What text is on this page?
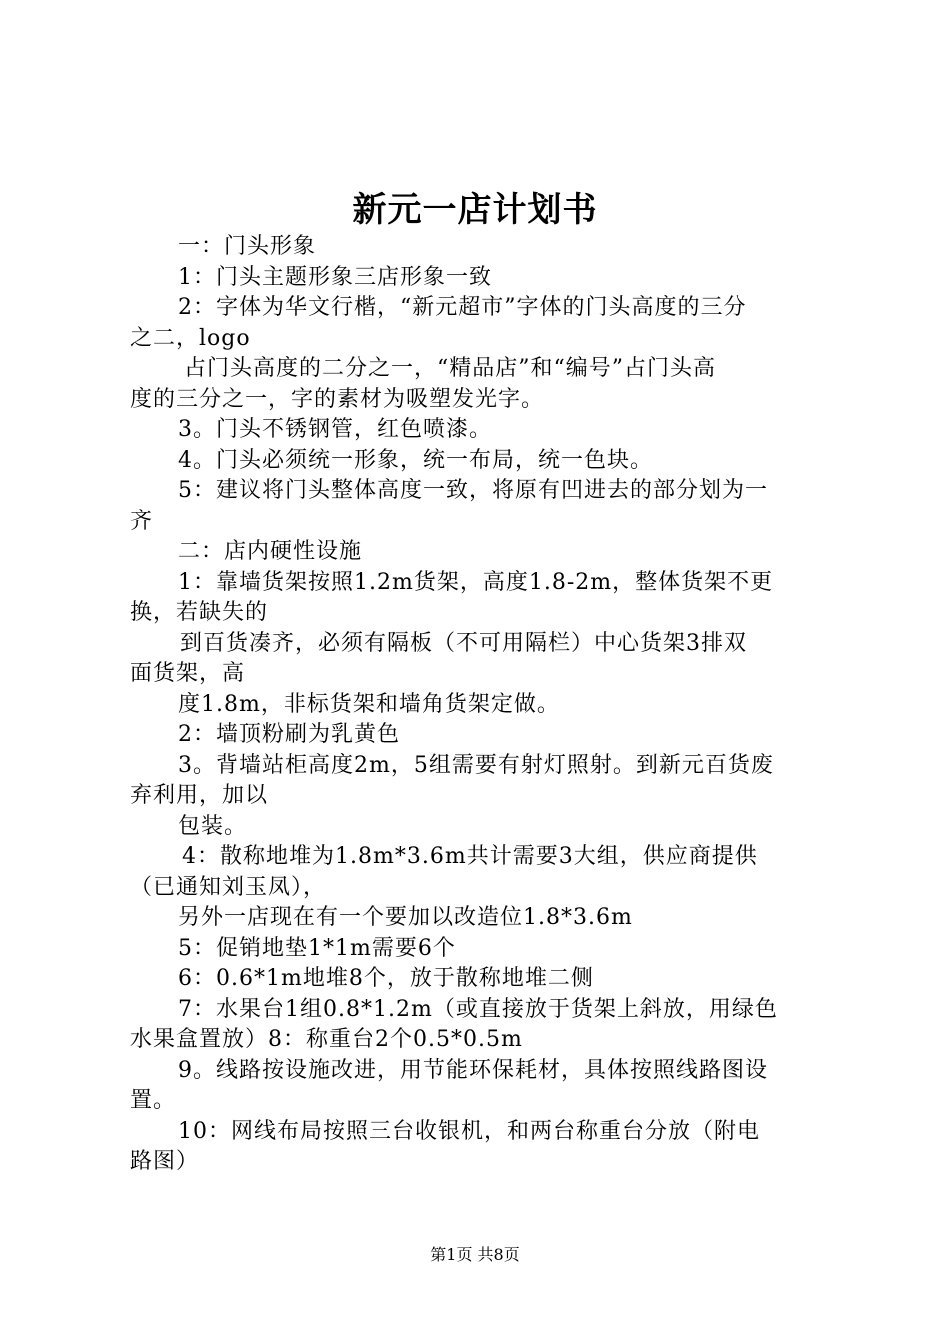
新元一店计划书
一：门头形象
1：门头主题形象三店形象一致
2：字体为华文行楷，“新元超市”字体的门头高度的三分
之二，logo
占门头高度的二分之一，“精品店”和“编号”占门头高
度的三分之一，字的素材为吸塑发光字。
3。门头不锈钢管，红色喷漆。
4。门头必须统一形象，统一布局，统一色块。
5：建议将门头整体高度一致，将原有凹进去的部分划为一
齐
二：店内硬性设施
1：靠墙货架按照1.2m货架，高度1.8-2m，整体货架不更
换，若缺失的
到百货凑齐，必须有隔板（不可用隔栏）中心货架3排双
面货架，高
度1.8m，非标货架和墙角货架定做。
2：墙顶粉刷为乳黄色
3。背墙站柜高度2m，5组需要有射灯照射。到新元百货废
弃利用，加以
包装。
4：散称地堆为1.8m*3.6m共计需要3大组，供应商提供
（已通知刘玉凤），
另外一店现在有一个要加以改造位1.8*3.6m
5：促销地垫1*1m需要6个
6：0.6*1m地堆8个，放于散称地堆二侧
7：水果台1组0.8*1.2m（或直接放于货架上斜放，用绿色
水果盒置放）8：称重台2个0.5*0.5m
9。线路按设施改进，用节能环保耗材，具体按照线路图设
置。
10：网线布局按照三台收银机，和两台称重台分放（附电
路图）
第1页 共8页
